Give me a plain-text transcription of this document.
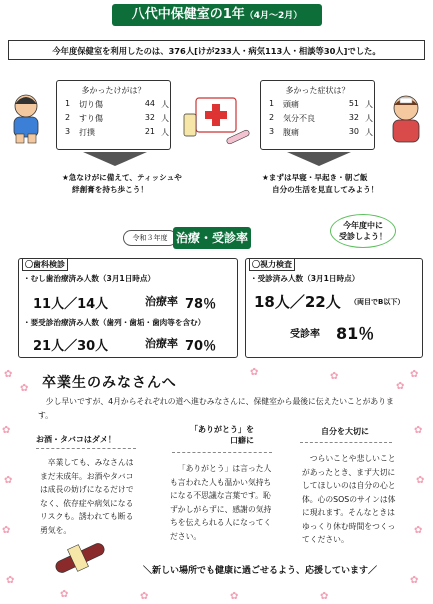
八代中保健室の1年（4月～2月）
今年度保健室を利用したのは、376人[けが233人・病気113人・相談等30人]でした。
多かったけがは？
1	切り傷	44 人
2	すり傷	32 人
3	打撲	21 人
多かった症状は？
1	頭痛	51 人
2	気分不良	32 人
3	腹痛	30 人
★急なけがに備えて、ティッシュや
絆創膏を持ち歩こう！
★まずは早寝・早起き・朝ご飯
自分の生活を見直してみよう！
令和３年度 治療・受診率
今年度中に
受診しよう！
〇歯科検診
・むし歯治療済み人数（3月1日時点）
11人／14人	治療率 78％
・要受診治療済み人数（歯列・歯垢・歯肉等を含む）
21人／30人	治療率 70％
〇視力検査
・受診済み人数（3月1日時点）
18人／22人 （両目でB以下）
受診率 81％
✿
✿
✿
✿
✿
✿
✿	✿	✿	✿
✿
✿
✿
✿
✿
✿
✿	✿
卒業生のみなさんへ
少し早いですが、4月からそれぞれの道へ進むみなさんに、保健室から最後に伝えたいことがあります。
お酒・タバコはダメ！
卒業しても、みなさんはまだ未成年。お酒やタバコは成長の妨げになるだけでなく、依存症や病気になるリスクも。誘われても断る勇気を。
「ありがとう」を
口癖に
「ありがとう」は言った人も言われた人も温かい気持ちになる不思議な言葉です。恥ずかしがらずに、感謝の気持ちを伝えられる人になってください。
自分を大切に
つらいことや悲しいことがあったとき、まず大切にしてほしいのは自分の心と体。心のSOSのサインは体に現れます。そんなときはゆっくり休む時間をつくってください。
＼新しい場所でも健康に過ごせるよう、応援しています／
